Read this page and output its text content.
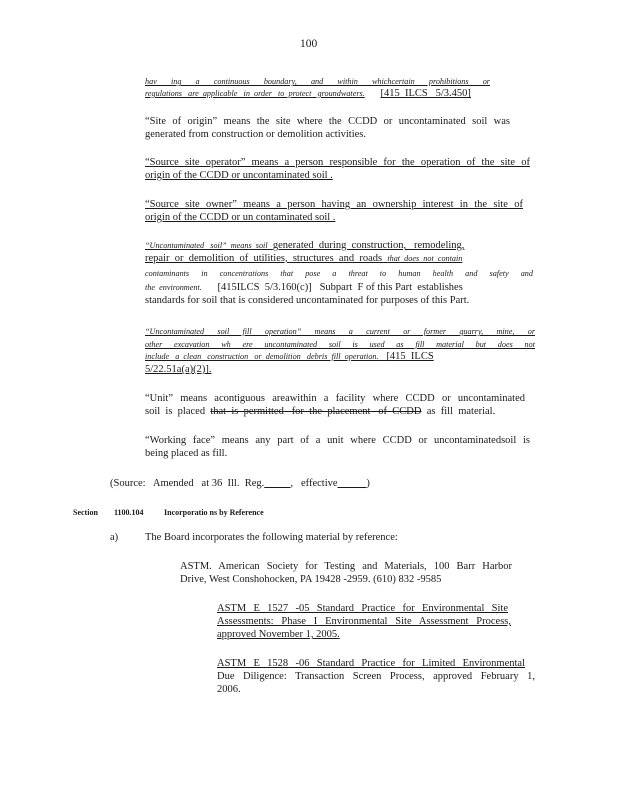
100
hav ing a continuous boundary, and within whichcertain prohibitions or
regulations   are  applicable   in  order   to  protect   groundwaters. [415  ILCS   5/3.450]
“Site of origin” means the site where the CCDD or uncontaminated soil was
generated from construction or demolition activities.
“Source site operator” means a person responsible for the operation of the site of
origin of the CCDD or uncontaminated soil .
“Source site owner” means a person having an ownership interest in the site of
origin of the CCDD or un contaminated soil .
“Uncontaminated   soil”  means  soil generated  during  construction,   remodeling,
repair  or  demolition  of  utilities,  structures  and  roads that  does  not  contain
contaminants in concentrations that pose a threat to human health and safety and
the  environment. [415ILCS  5/3.160(c)]   Subpart  F of this Part  establishes
standards for soil that is considered uncontaminated for purposes of this Part.
“Uncontaminated soil fill operation” means a current or former quarry, mine, or
other excavation wh ere uncontaminated soil is used as fill material but does not
include   a  clean   construction   or  demolition   debris  fill  operation. [415  ILCS
5/22.51a(a)(2)].
“Unit” means acontiguous areawithin a facility where CCDD or uncontaminated
soil  is  placed that  is  permitted   for  the  placement   of  CCDD as  fill  material.
“Working face” means any part of a unit where CCDD or uncontaminatedsoil is
being placed as fill.
(Source:   Amended   at 36  Ill.  Reg.	,   effective	)
Section 1100.104	Incorporatio ns by Reference
a)	The Board incorporates the following material by reference:
ASTM. American Society for Testing and Materials, 100 Barr Harbor
Drive, West Conshohocken, PA 19428 -2959. (610) 832 -9585
ASTM E 1527 -05 Standard Practice for Environmental Site
Assessments: Phase I Environmental Site Assessment Process,
approved November 1, 2005.
ASTM E 1528 -06 Standard Practice for Limited Environmental
Due Diligence: Transaction Screen Process, approved February 1,
2006.
